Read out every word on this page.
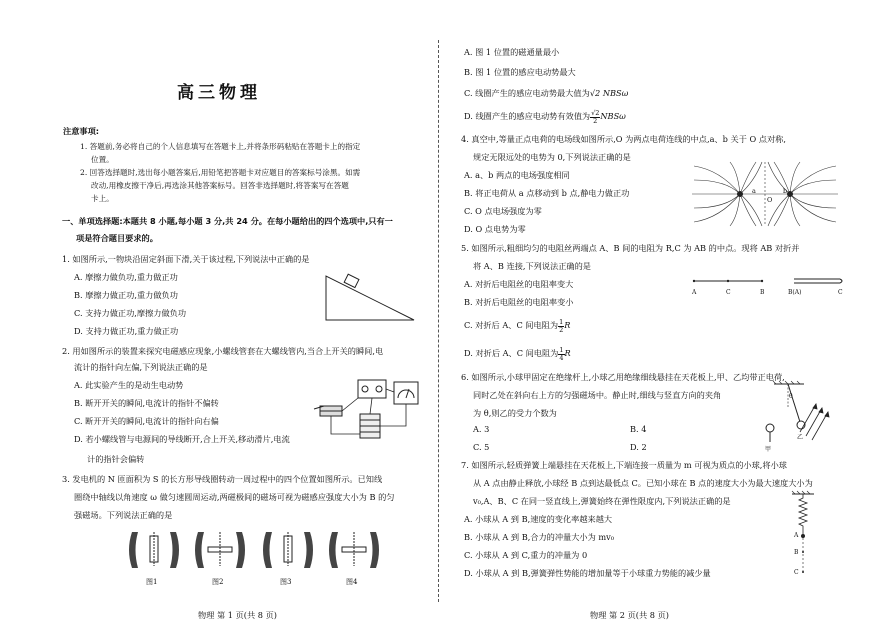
高三物理
注意事项:
1. 答题前,务必将自己的个人信息填写在答题卡上,并将条形码粘贴在答题卡上的指定
位置。
2. 回答选择题时,选出每小题答案后,用铅笔把答题卡对应题目的答案标号涂黑。如需
改动,用橡皮擦干净后,再选涂其他答案标号。回答非选择题时,将答案写在答题
卡上。
一、单项选择题:本题共 8 小题,每小题 3 分,共 24 分。在每小题给出的四个选项中,只有一
项是符合题目要求的。
1. 如图所示,一物块沿固定斜面下滑,关于该过程,下列说法中正确的是
A. 摩擦力做负功,重力做正功
B. 摩擦力做正功,重力做负功
C. 支持力做正功,摩擦力做负功
D. 支持力做正功,重力做正功
2. 用如图所示的装置来探究电磁感应现象,小螺线管套在大螺线管内,当合上开关的瞬间,电
流计的指针向左偏,下列说法正确的是
A. 此实验产生的是动生电动势
B. 断开开关的瞬间,电流计的指针不偏转
C. 断开开关的瞬间,电流计的指针向右偏
D. 若小螺线管与电源间的导线断开,合上开关,移动滑片,电流
计的指针会偏转
3. 发电机的 N 匝面积为 S 的长方形导线圈转动一周过程中的四个位置如图所示。已知线
圈绕中轴线以角速度 ω 做匀速圆周运动,两磁极间的磁场可视为磁感应强度大小为 B 的匀
强磁场。下列说法正确的是
图1	图2	图3	图4
物理 第 1 页(共 8 页)
A. 图 1 位置的磁通量最小
B. 图 1 位置的感应电动势最大
C. 线圈产生的感应电动势最大值为√2 NBSω
D. 线圈产生的感应电动势有效值为 $\frac{√2}{2}$ NBSω
4. 真空中,等量正点电荷的电场线如图所示,O 为两点电荷连线的中点,a、b 关于 O 点对称,
规定无限远处的电势为 0,下列说法正确的是
A. a、b 两点的电场强度相同
B. 将正电荷从 a 点移动到 b 点,静电力做正功
C. O 点电场强度为零
D. O 点电势为零
a
O
b
5. 如图所示,粗细均匀的电阻丝两端点 A、B 间的电阻为 R,C 为 AB 的中点。现将 AB 对折并
将 A、B 连接,下列说法正确的是
A. 对折后电阻丝的电阻率变大
B. 对折后电阻丝的电阻率变小
C. 对折后 A、C 间电阻为 $\frac{1}{2}$ R
D. 对折后 A、C 间电阻为 $\frac{1}{4}$ R
A	C	B	B(A)	C
6. 如图所示,小球甲固定在绝缘杆上,小球乙用绝缘细线悬挂在天花板上,甲、乙均带正电荷,
同时乙处在斜向右上方的匀强磁场中。静止时,细线与竖直方向的夹角
为 θ,则乙的受力个数为
A. 3	B. 4
C. 5	D. 2
θ
甲
乙
7. 如图所示,轻质弹簧上端悬挂在天花板上,下端连接一质量为 m 可视为质点的小球,将小球
从 A 点由静止释放,小球经 B 点到达最低点 C。已知小球在 B 点的速度大小为最大速度大小为
v₀,A、B、C 在同一竖直线上,弹簧始终在弹性限度内,下列说法正确的是
A. 小球从 A 到 B,速度的变化率越来越大
B. 小球从 A 到 B,合力的冲量大小为 mv₀
C. 小球从 A 到 C,重力的冲量为 0
D. 小球从 A 到 B,弹簧弹性势能的增加量等于小球重力势能的减少量
A
B
C
物理 第 2 页(共 8 页)
